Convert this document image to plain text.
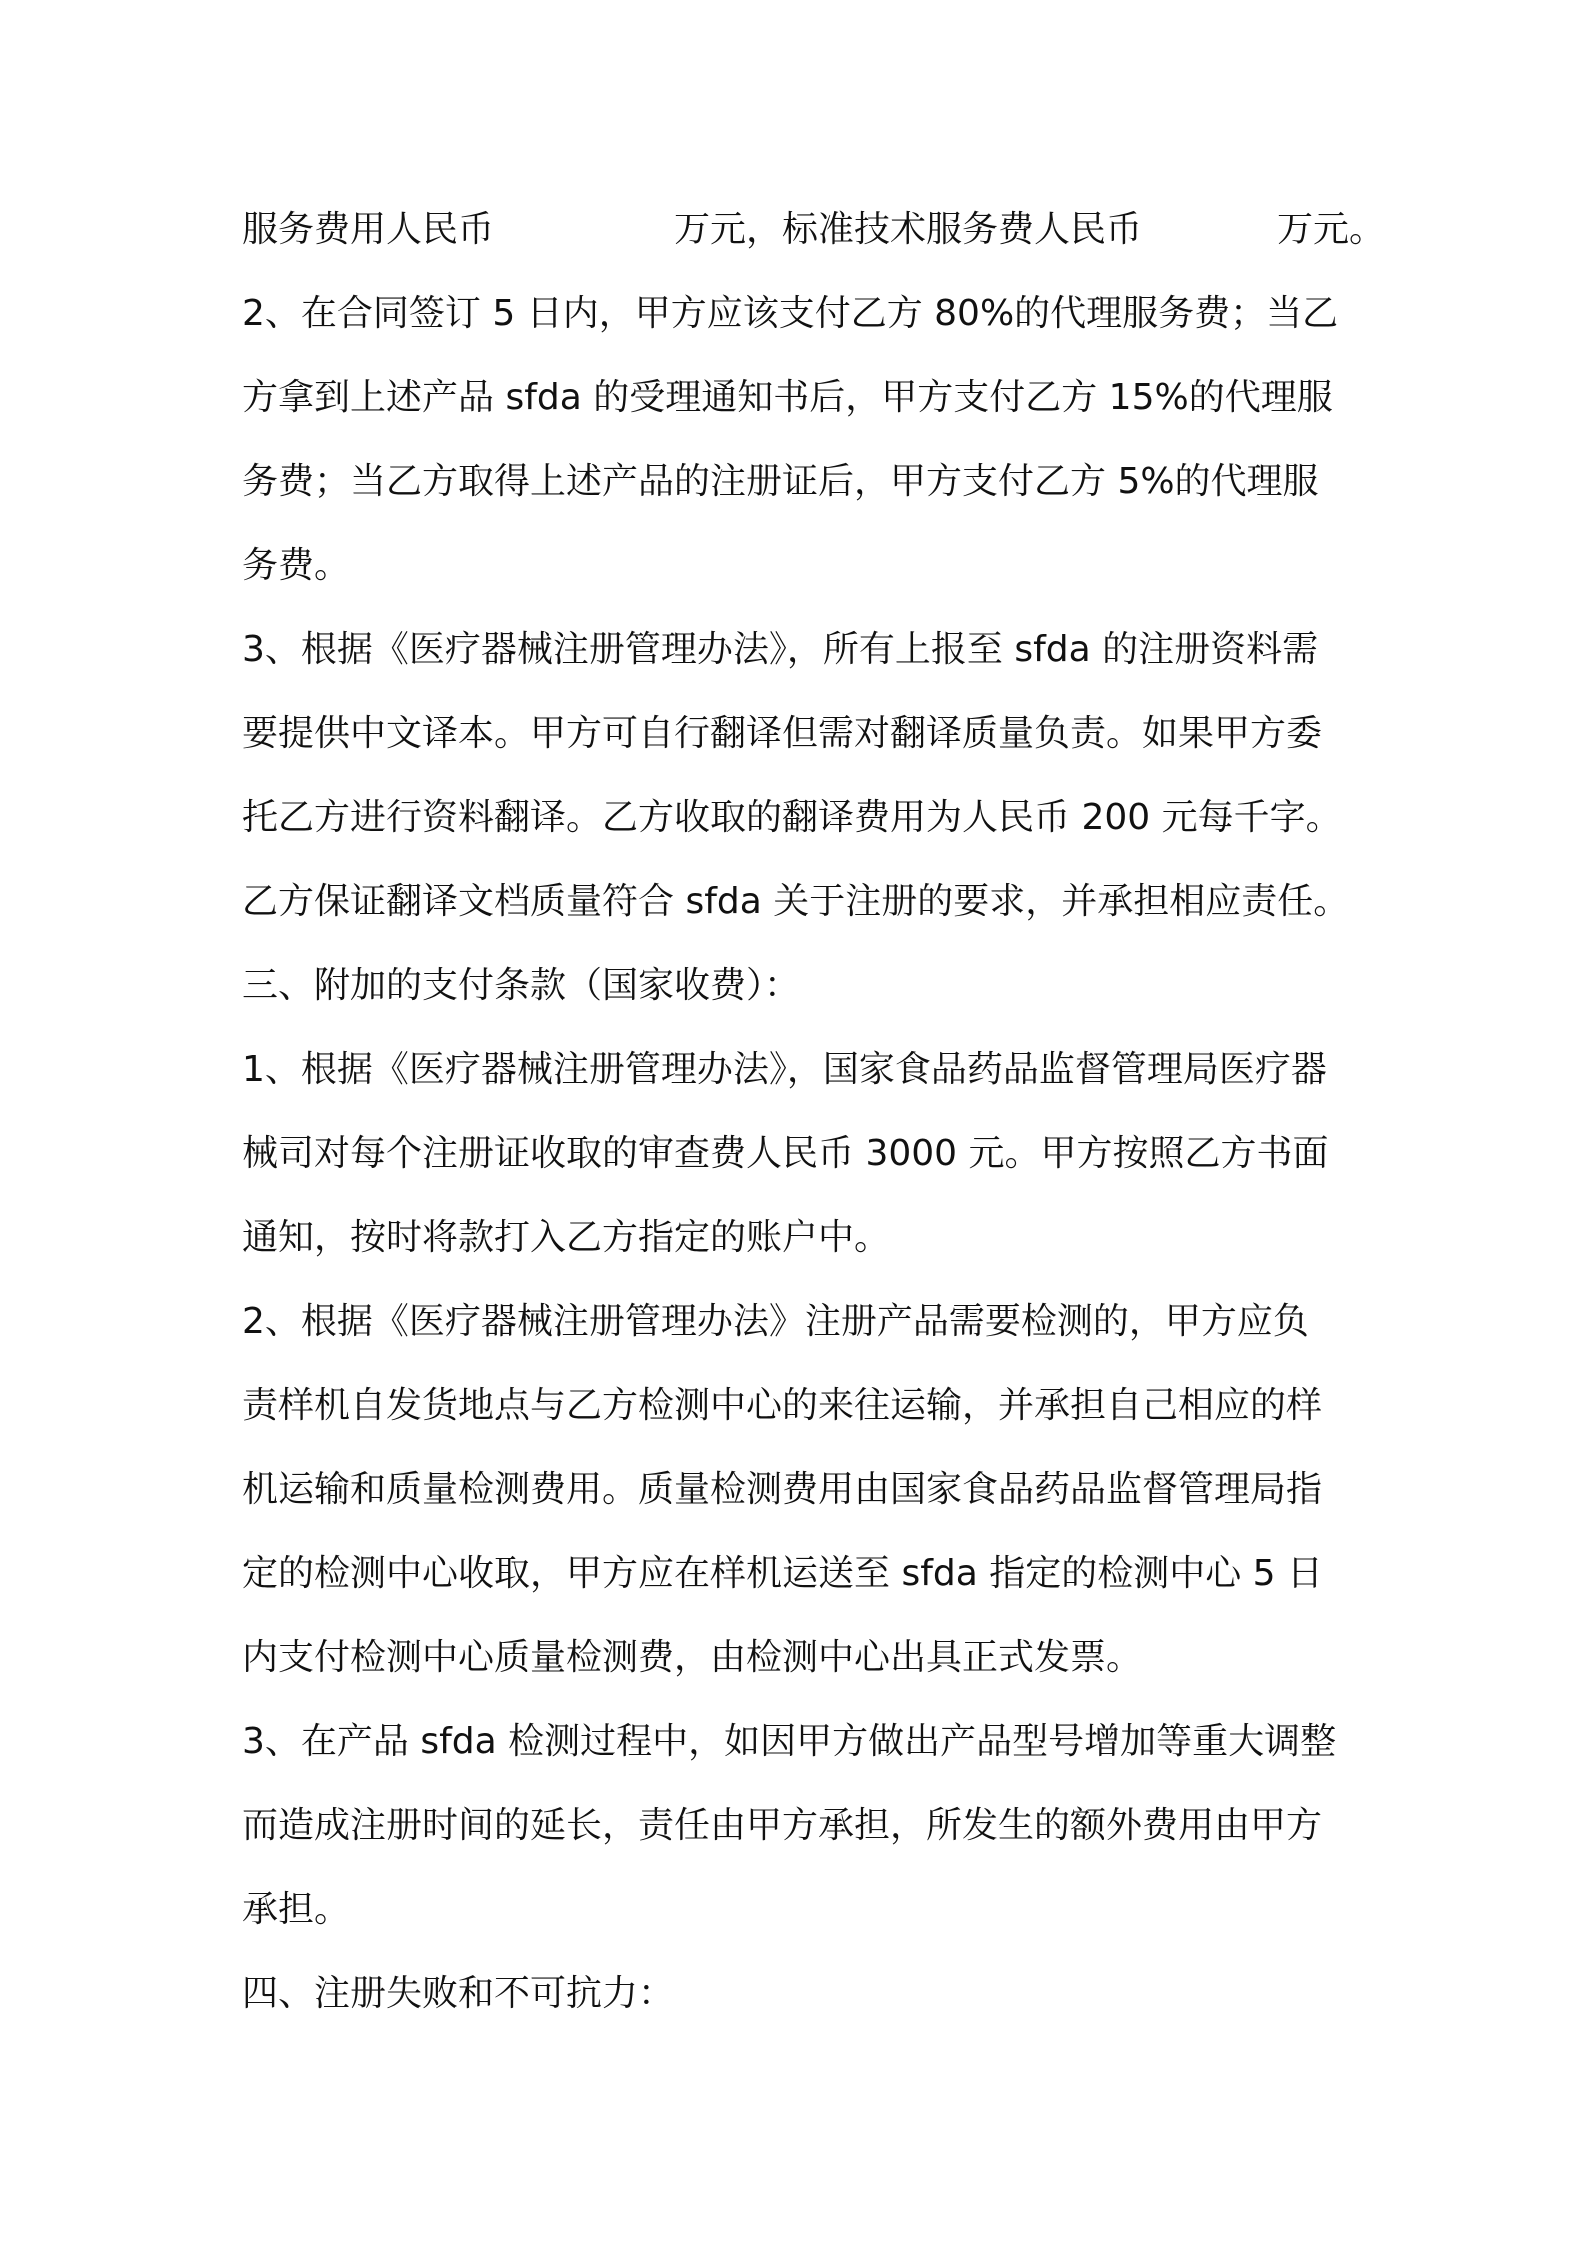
服务费用人民币	万元，标准技术服务费人民币	万元。
2、在合同签订 5 日内，甲方应该支付乙方 80%的代理服务费；当乙
方拿到上述产品 sfda 的受理通知书后，甲方支付乙方 15%的代理服
务费；当乙方取得上述产品的注册证后，甲方支付乙方 5%的代理服
务费。
3、根据《医疗器械注册管理办法》，所有上报至 sfda 的注册资料需
要提供中文译本。甲方可自行翻译但需对翻译质量负责。如果甲方委
托乙方进行资料翻译。乙方收取的翻译费用为人民币 200 元每千字。
乙方保证翻译文档质量符合 sfda 关于注册的要求，并承担相应责任。
三、附加的支付条款（国家收费）：
1、根据《医疗器械注册管理办法》，国家食品药品监督管理局医疗器
械司对每个注册证收取的审查费人民币 3000 元。甲方按照乙方书面
通知，按时将款打入乙方指定的账户中。
2、根据《医疗器械注册管理办法》注册产品需要检测的，甲方应负
责样机自发货地点与乙方检测中心的来往运输，并承担自己相应的样
机运输和质量检测费用。质量检测费用由国家食品药品监督管理局指
定的检测中心收取，甲方应在样机运送至 sfda 指定的检测中心 5 日
内支付检测中心质量检测费，由检测中心出具正式发票。
3、在产品 sfda 检测过程中，如因甲方做出产品型号增加等重大调整
而造成注册时间的延长，责任由甲方承担，所发生的额外费用由甲方
承担。
四、注册失败和不可抗力：
